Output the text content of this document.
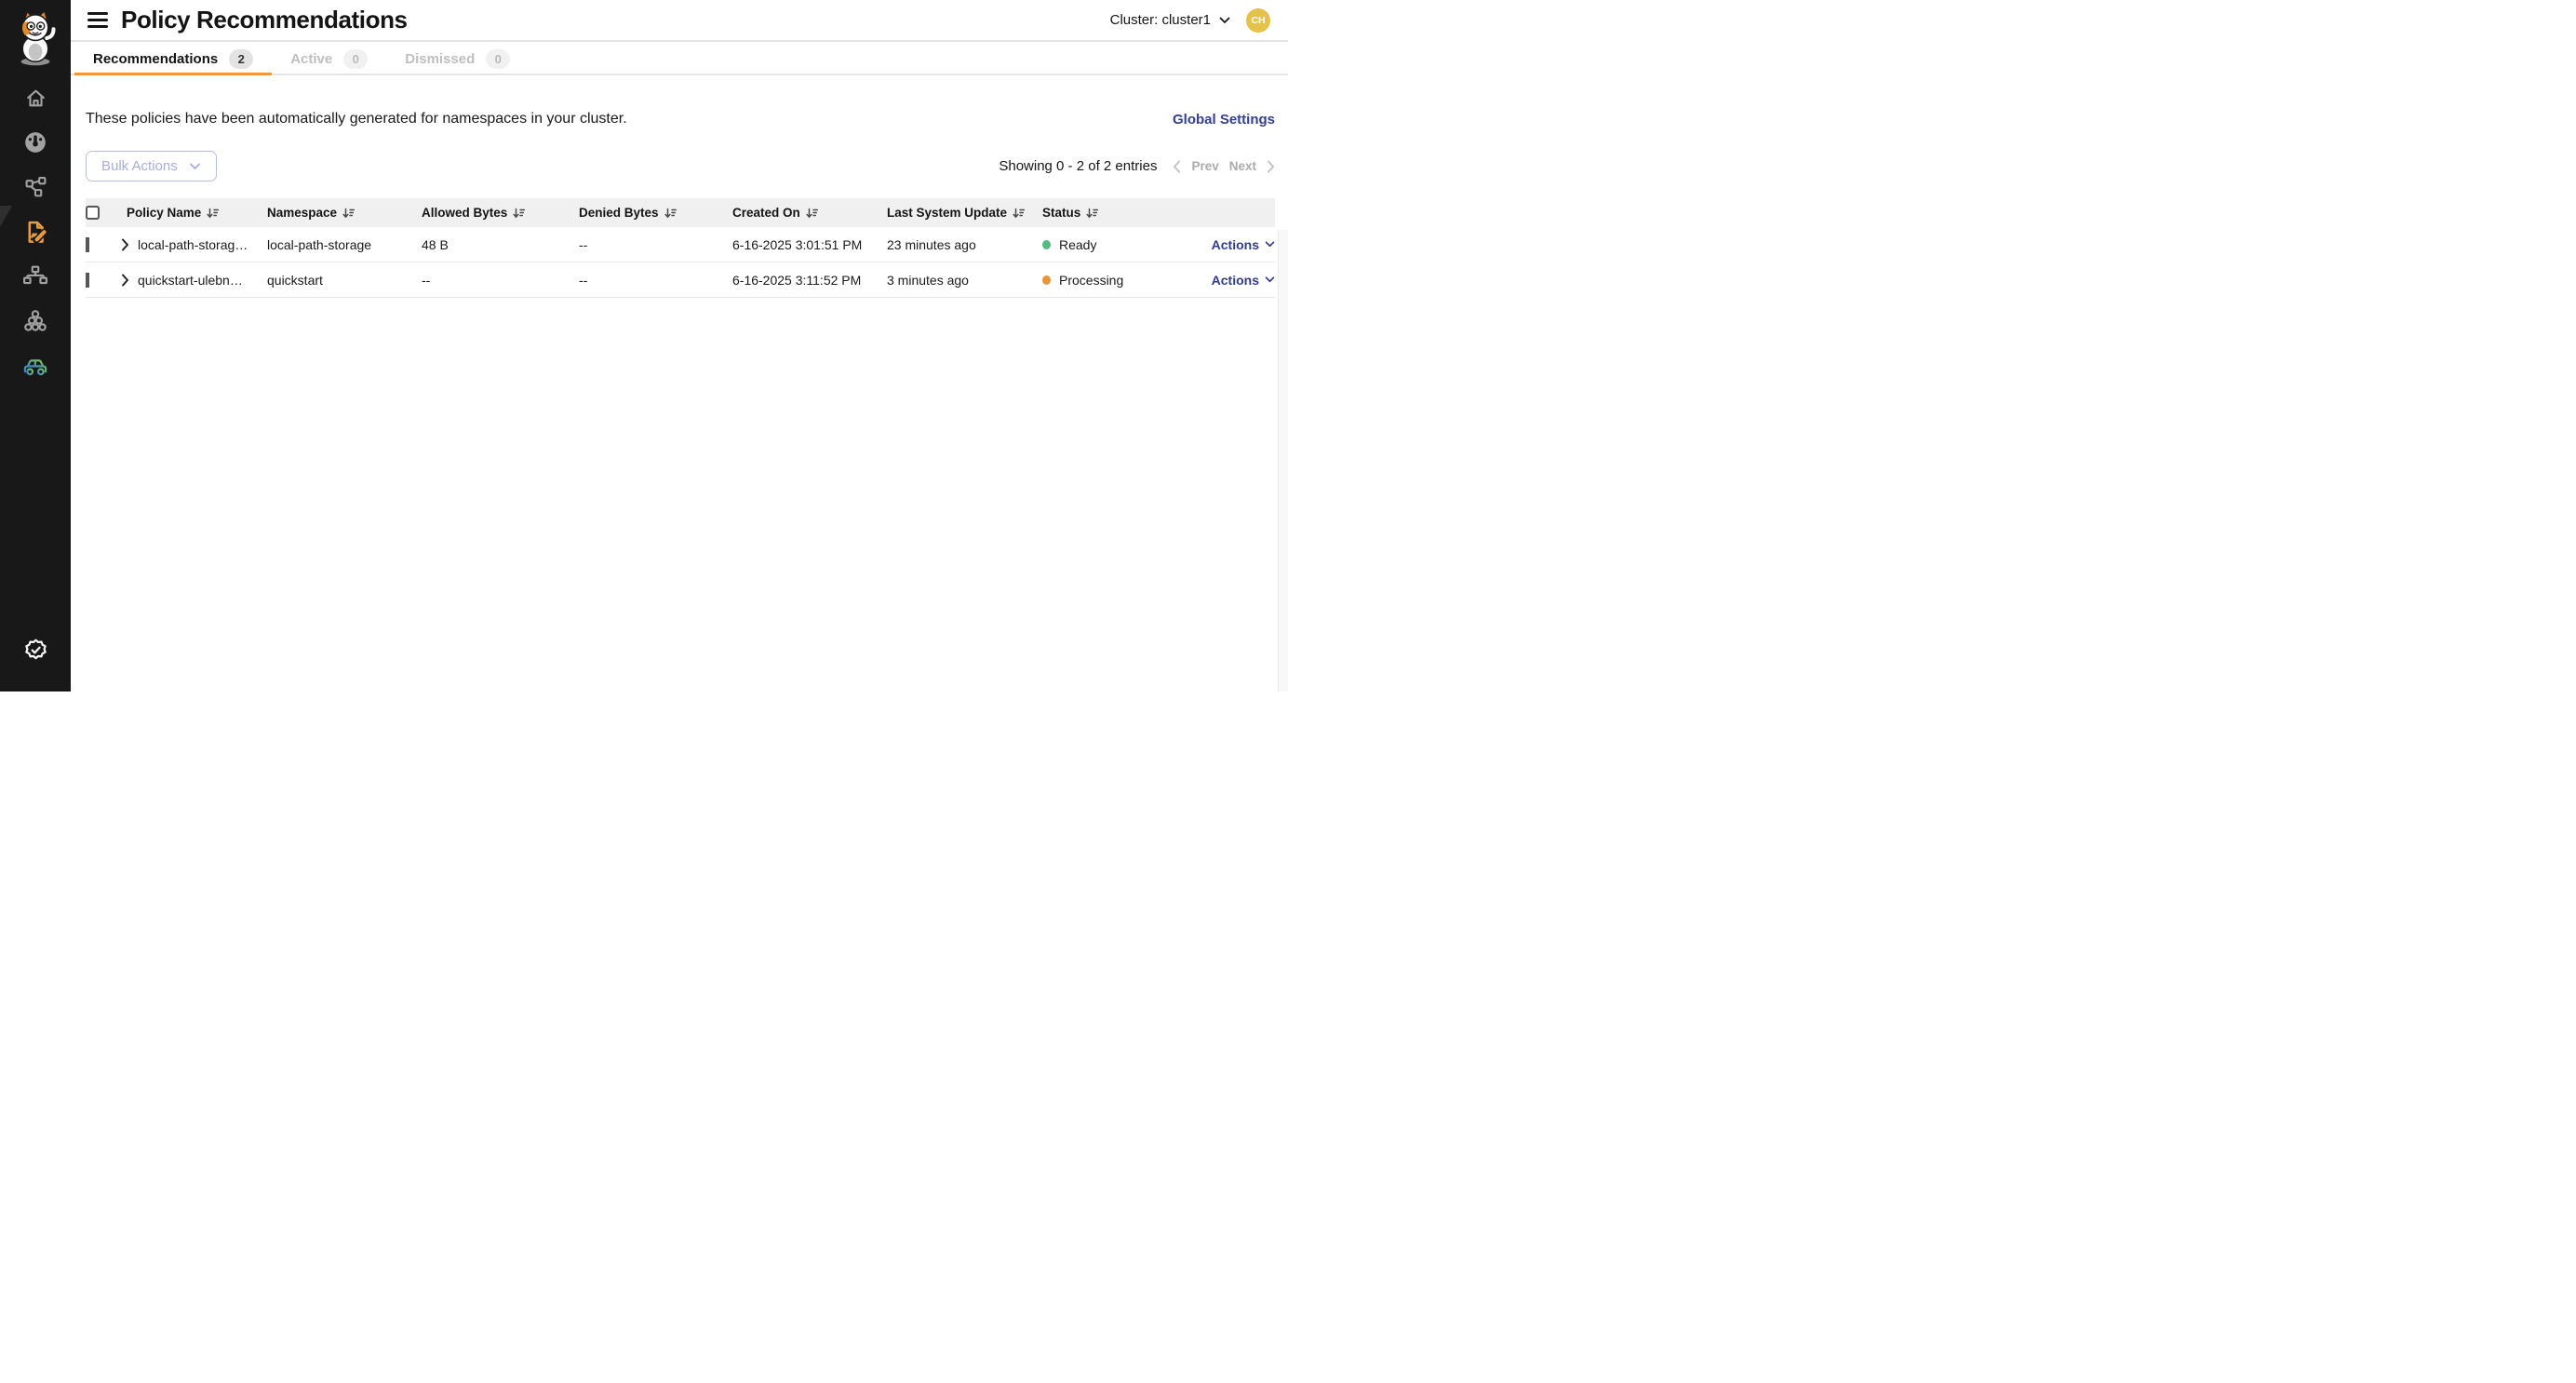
Policy Recommendations	Cluster: cluster1	CH
Recommendations	2	Active	0	Dismissed	0

These policies have been automatically generated for namespaces in your cluster.	Global Settings
Bulk Actions	Showing 0 - 2 of 2 entries	Prev Next
Policy Name	Namespace	Allowed Bytes	Denied Bytes	Created On	Last System Update	Status
local-path-storag… local-path-storage	48 B	--	6-16-2025 3:01:51 PM	23 minutes ago	Ready	Actions
quickstart-ulebn… quickstart	--	--	6-16-2025 3:11:52 PM	3 minutes ago	Processing	Actions
